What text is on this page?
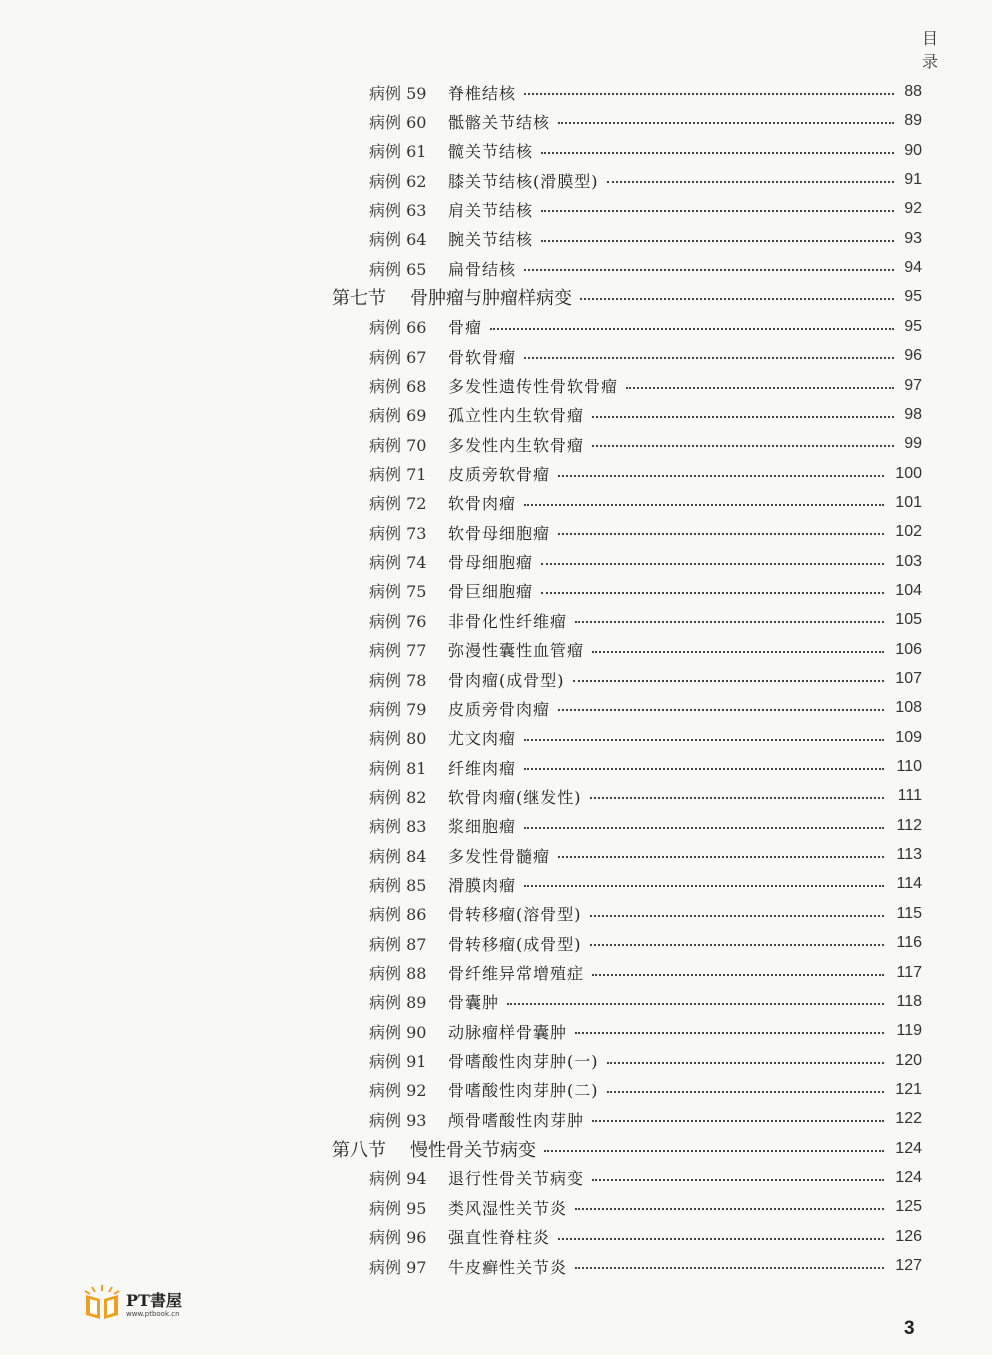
目录
病例 59	脊椎结核	88
病例 60	骶髂关节结核	89
病例 61	髋关节结核	90
病例 62	膝关节结核(滑膜型)	91
病例 63	肩关节结核	92
病例 64	腕关节结核	93
病例 65	扁骨结核	94
第七节 骨肿瘤与肿瘤样病变	95
病例 66	骨瘤	95
病例 67	骨软骨瘤	96
病例 68	多发性遗传性骨软骨瘤	97
病例 69	孤立性内生软骨瘤	98
病例 70	多发性内生软骨瘤	99
病例 71	皮质旁软骨瘤	100
病例 72	软骨肉瘤	101
病例 73	软骨母细胞瘤	102
病例 74	骨母细胞瘤	103
病例 75	骨巨细胞瘤	104
病例 76	非骨化性纤维瘤	105
病例 77	弥漫性囊性血管瘤	106
病例 78	骨肉瘤(成骨型)	107
病例 79	皮质旁骨肉瘤	108
病例 80	尤文肉瘤	109
病例 81	纤维肉瘤	110
病例 82	软骨肉瘤(继发性)	111
病例 83	浆细胞瘤	112
病例 84	多发性骨髓瘤	113
病例 85	滑膜肉瘤	114
病例 86	骨转移瘤(溶骨型)	115
病例 87	骨转移瘤(成骨型)	116
病例 88	骨纤维异常增殖症	117
病例 89	骨囊肿	118
病例 90	动脉瘤样骨囊肿	119
病例 91	骨嗜酸性肉芽肿(一)	120
病例 92	骨嗜酸性肉芽肿(二)	121
病例 93	颅骨嗜酸性肉芽肿	122
第八节 慢性骨关节病变	124
病例 94	退行性骨关节病变	124
病例 95	类风湿性关节炎	125
病例 96	强直性脊柱炎	126
病例 97	牛皮癣性关节炎	127
PT書屋
www.ptbook.cn
3
